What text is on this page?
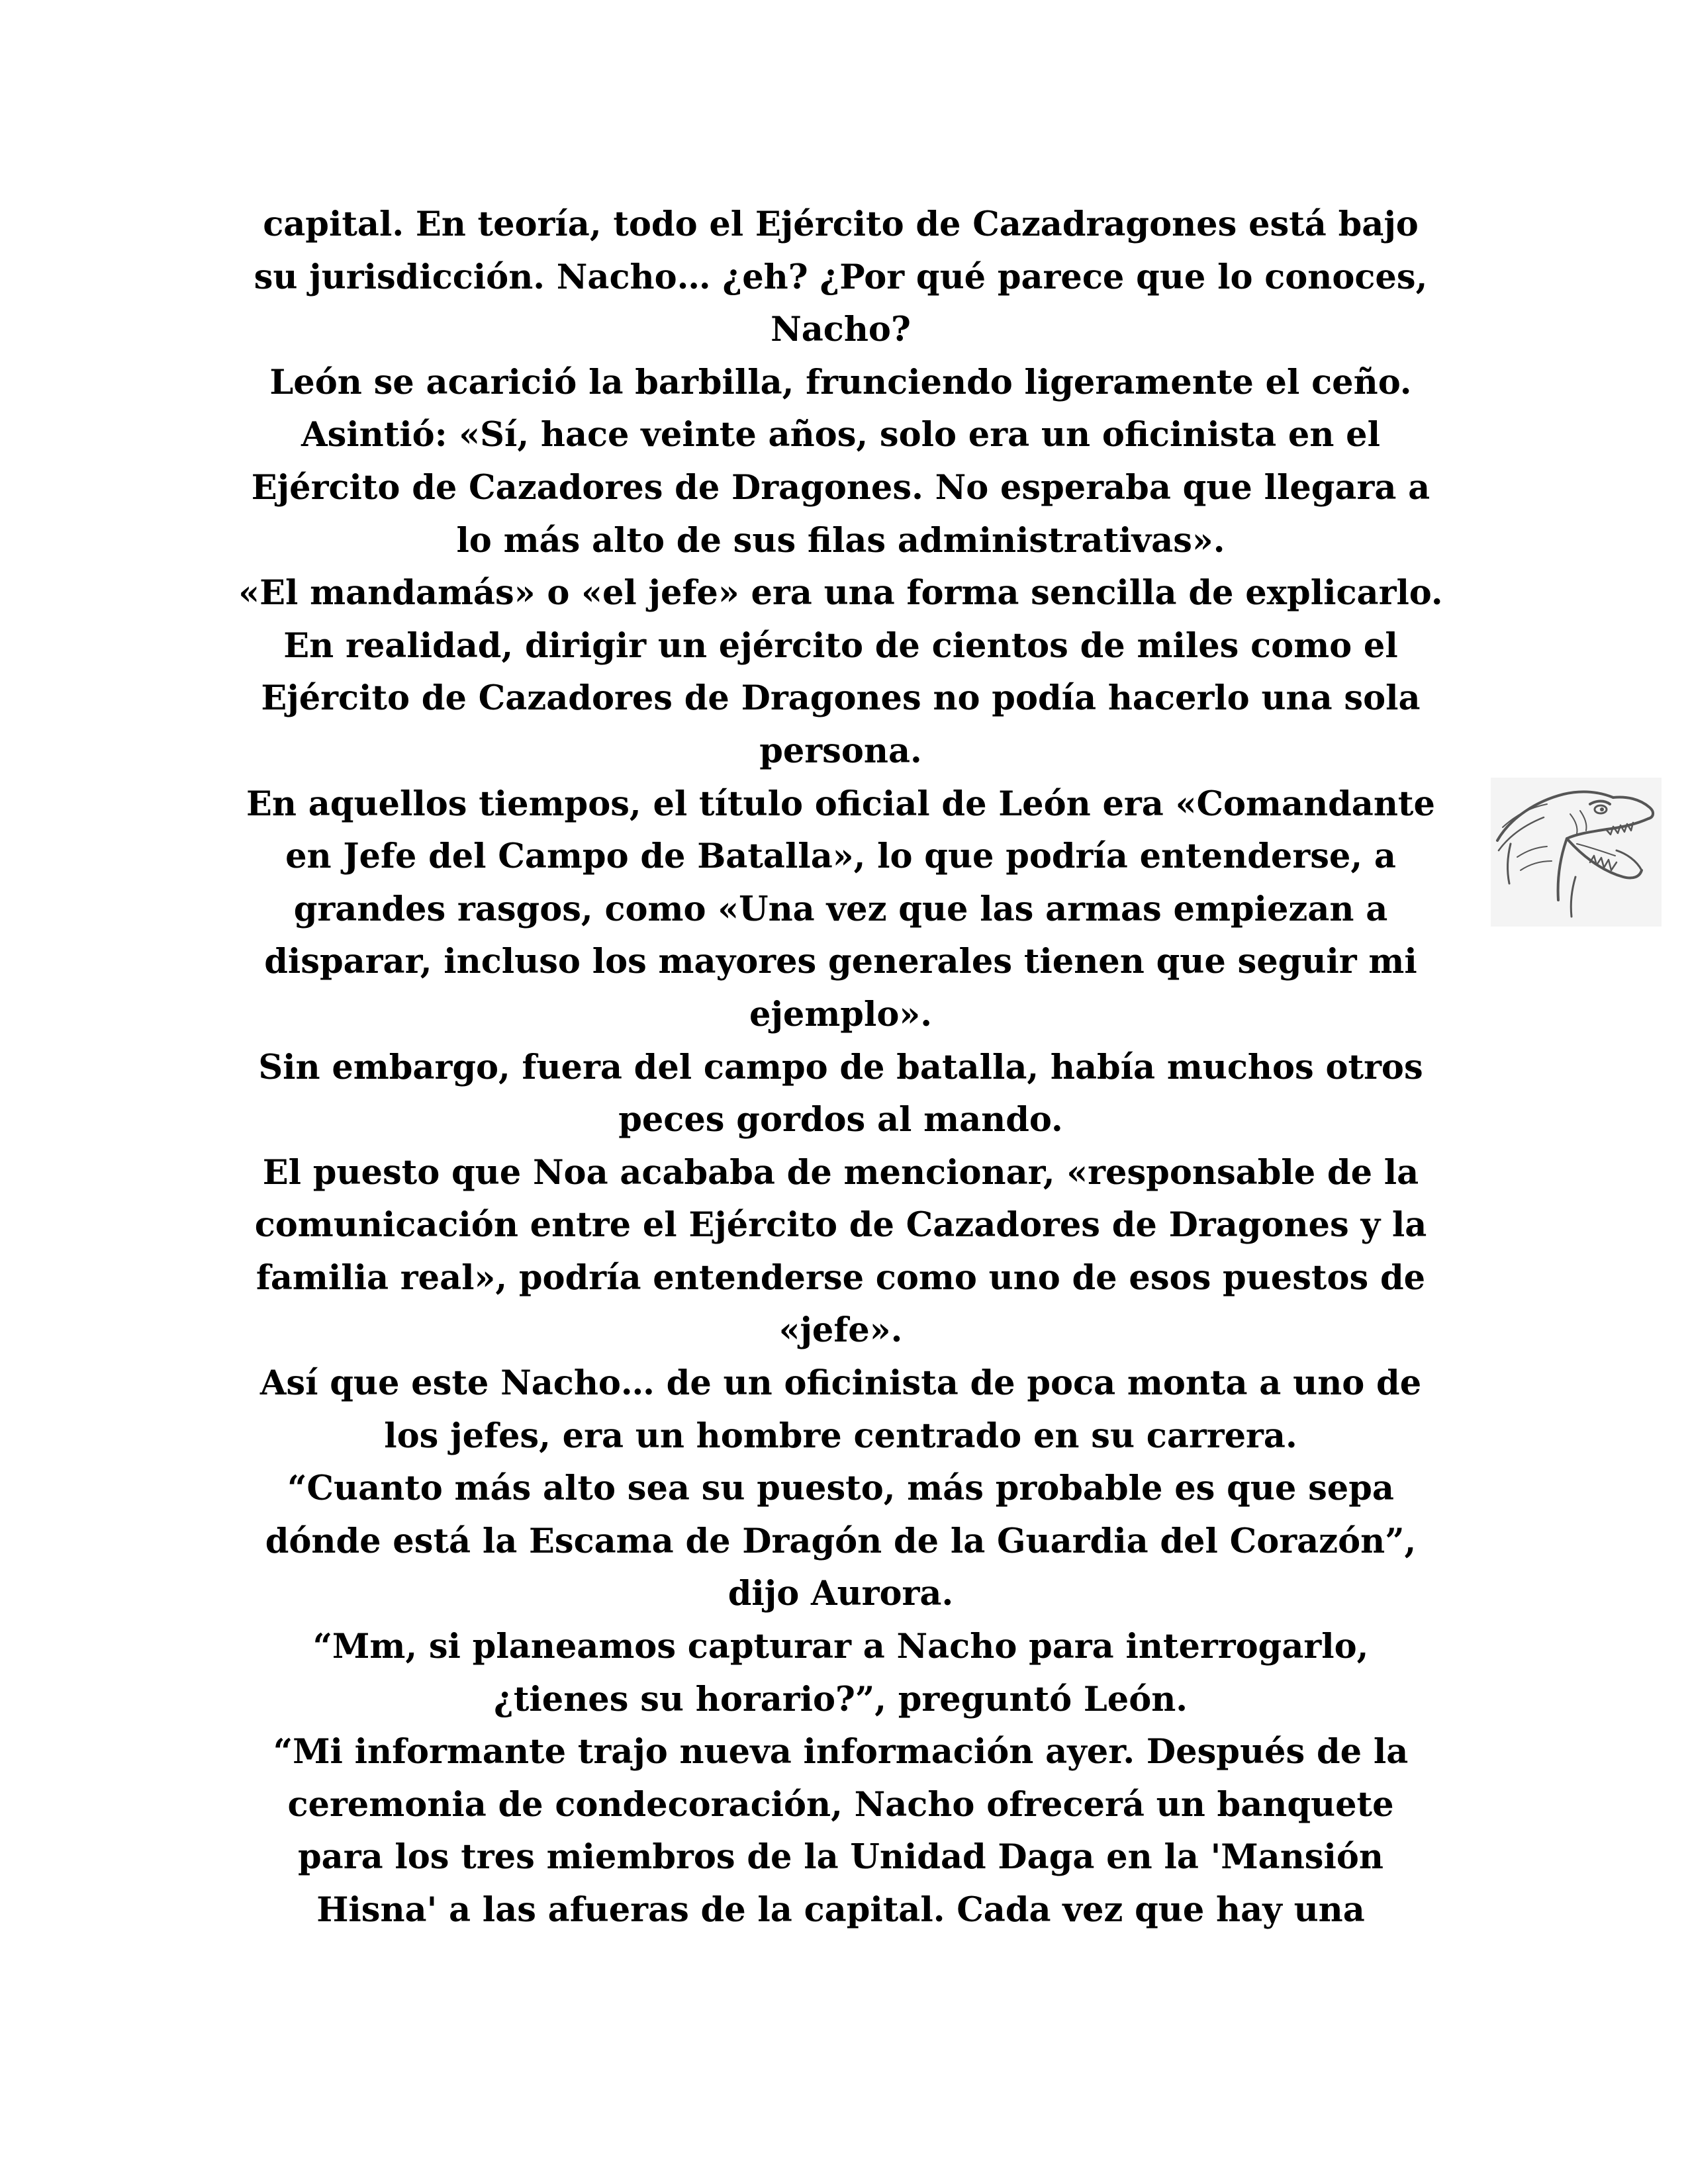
capital. En teoría, todo el Ejército de Cazadragones está bajo
su jurisdicción. Nacho… ¿eh? ¿Por qué parece que lo conoces,
Nacho?
León se acarició la barbilla, frunciendo ligeramente el ceño.
Asintió: «Sí, hace veinte años, solo era un oficinista en el
Ejército de Cazadores de Dragones. No esperaba que llegara a
lo más alto de sus filas administrativas».
«El mandamás» o «el jefe» era una forma sencilla de explicarlo.
En realidad, dirigir un ejército de cientos de miles como el
Ejército de Cazadores de Dragones no podía hacerlo una sola
persona.
En aquellos tiempos, el título oficial de León era «Comandante
en Jefe del Campo de Batalla», lo que podría entenderse, a
grandes rasgos, como «Una vez que las armas empiezan a
disparar, incluso los mayores generales tienen que seguir mi
ejemplo».
Sin embargo, fuera del campo de batalla, había muchos otros
peces gordos al mando.
El puesto que Noa acababa de mencionar, «responsable de la
comunicación entre el Ejército de Cazadores de Dragones y la
familia real», podría entenderse como uno de esos puestos de
«jefe».
Así que este Nacho… de un oficinista de poca monta a uno de
los jefes, era un hombre centrado en su carrera.
“Cuanto más alto sea su puesto, más probable es que sepa
dónde está la Escama de Dragón de la Guardia del Corazón”,
dijo Aurora.
“Mm, si planeamos capturar a Nacho para interrogarlo,
¿tienes su horario?”, preguntó León.
“Mi informante trajo nueva información ayer. Después de la
ceremonia de condecoración, Nacho ofrecerá un banquete
para los tres miembros de la Unidad Daga en la 'Mansión
Hisna' a las afueras de la capital. Cada vez que hay una
